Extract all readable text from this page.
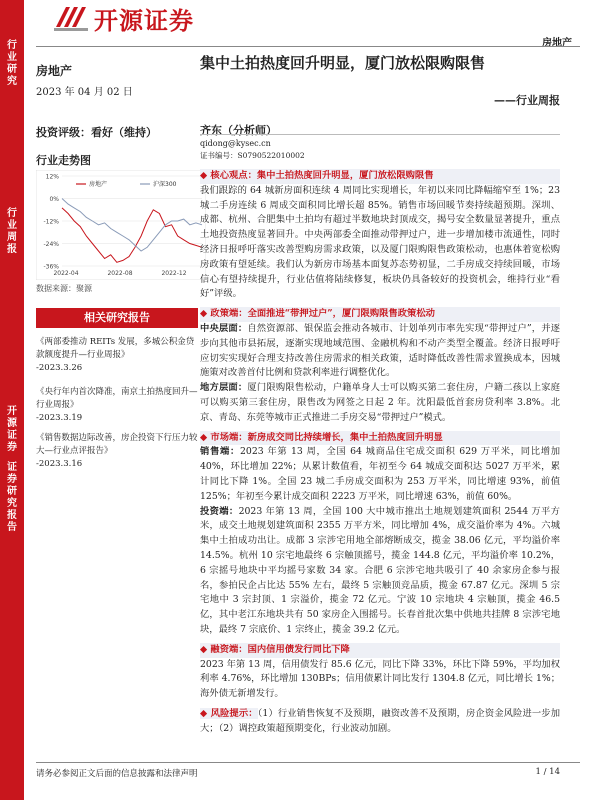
行
业
研
究
行
业
周
报
开
源
证
券
证
券
研
究
报
告
开源证券
房地产
房地产
2023 年 04 月 02 日
投资评级：看好（维持）
行业走势图
12%
0%
-12%
-24%
-36%
2022-04	2022-08	2022-12
房地产	沪深300
数据来源：聚源
相关研究报告
《两部委推动 REITs 发展，多城公积金贷款额度提升—行业周报》
-2023.3.26
《央行年内首次降准，南京土拍热度回升—行业周报》
-2023.3.19
《销售数据边际改善，房企投资下行压力较大—行业点评报告》
-2023.3.16
集中土拍热度回升明显，厦门放松限购限售
——行业周报
齐东（分析师）
qidong@kysec.cn
证书编号：S0790522010002
◆ 核心观点：集中土拍热度回升明显，厦门放松限购限售

我们跟踪的 64 城新房面积连续 4 周同比实现增长，年初以来同比降幅缩窄至 1%；23 城二手房连续 6 周成交面积同比增长超 85%。销售市场回暖节奏持续超预期。深圳、成都、杭州、合肥集中土拍均有超过半数地块封顶成交，揭号安全数量显著提升，重点土地投资热度显著回升。中央两部委全面推动带押过户，进一步增加楼市流通性，同时经济日报呼吁落实改善型购房需求政策，以及厦门限购限售政策松动，也惠体着宽松购房政策有望延续。我们认为新房市场基本面复苏态势初显，二手房成交持续回暖，市场信心有望持续提升，行业估值将陆续修复，板块仍具备较好的投资机会，维持行业“看好”评级。

◆ 政策端：全面推进“带押过户”，厦门限购限售政策松动

中央层面：自然资源部、银保监会推动各城市、计划单列市率先实现“带押过户”，并逐步向其他市县拓展，逐渐实现地域范围、金融机构和不动产类型全覆盖。经济日报呼吁应切实实现好合理支持改善住房需求的相关政策，适时降低改善性需求置换成本，因城施策对改善首付比例和贷款利率进行调整优化。

地方层面：厦门限购限售松动，户籍单身人士可以购买第二套住房，户籍二孩以上家庭可以购买第三套住房，限售改为网签之日起 2 年。沈阳最低首套房贷利率 3.8%。北京、青岛、东莞等城市正式推进二手房交易“带押过户”模式。

◆ 市场端：新房成交同比持续增长，集中土拍热度回升明显

销售端：2023 年第 13 周，全国 64 城商品住宅成交面积 629 万平米，同比增加 40%，环比增加 22%；从累计数值看，年初至今 64 城成交面积达 5027 万平米，累计同比下降 1%。全国 23 城二手房成交面积为 253 万平米，同比增速 93%，前值 125%；年初至今累计成交面积 2223 万平米，同比增速 63%，前值 60%。

投资端：2023 年第 13 周，全国 100 大中城市推出土地规划建筑面积 2544 万平方米，成交土地规划建筑面积 2355 万平方米，同比增加 4%，成交溢价率为 4%。六城集中土拍成功出让。成都 3 宗涉宅用地全部熔断成交，揽金 38.06 亿元，平均溢价率 14.5%。杭州 10 宗宅地最终 6 宗触顶摇号，揽金 144.8 亿元，平均溢价率 10.2%，6 宗摇号地块中平均摇号家数 34 家。合肥 6 宗涉宅地共吸引了 40 余家房企参与报名，参拍民企占比达 55% 左右，最终 5 宗触顶竞品质，揽金 67.87 亿元。深圳 5 宗宅地中 3 宗封顶、1 宗溢价，揽金 72 亿元。宁波 10 宗地块 4 宗触顶，揽金 46.5 亿，其中老江东地块共有 50 家房企入围摇号。长春首批次集中供地共挂牌 8 宗涉宅地块，最终 7 宗底价、1 宗终止，揽金 39.2 亿元。

◆ 融资端：国内信用债发行同比下降

2023 年第 13 周，信用债发行 85.6 亿元，同比下降 33%，环比下降 59%，平均加权利率 4.76%，环比增加 130BPs；信用债累计同比发行 1304.8 亿元，同比增长 1%；海外债无新增发行。

◆ 风险提示：（1）行业销售恢复不及预期，融资改善不及预期，房企资金风险进一步加大；（2）调控政策超预期变化，行业波动加剧。

请务必参阅正文后面的信息披露和法律声明	1 / 14
